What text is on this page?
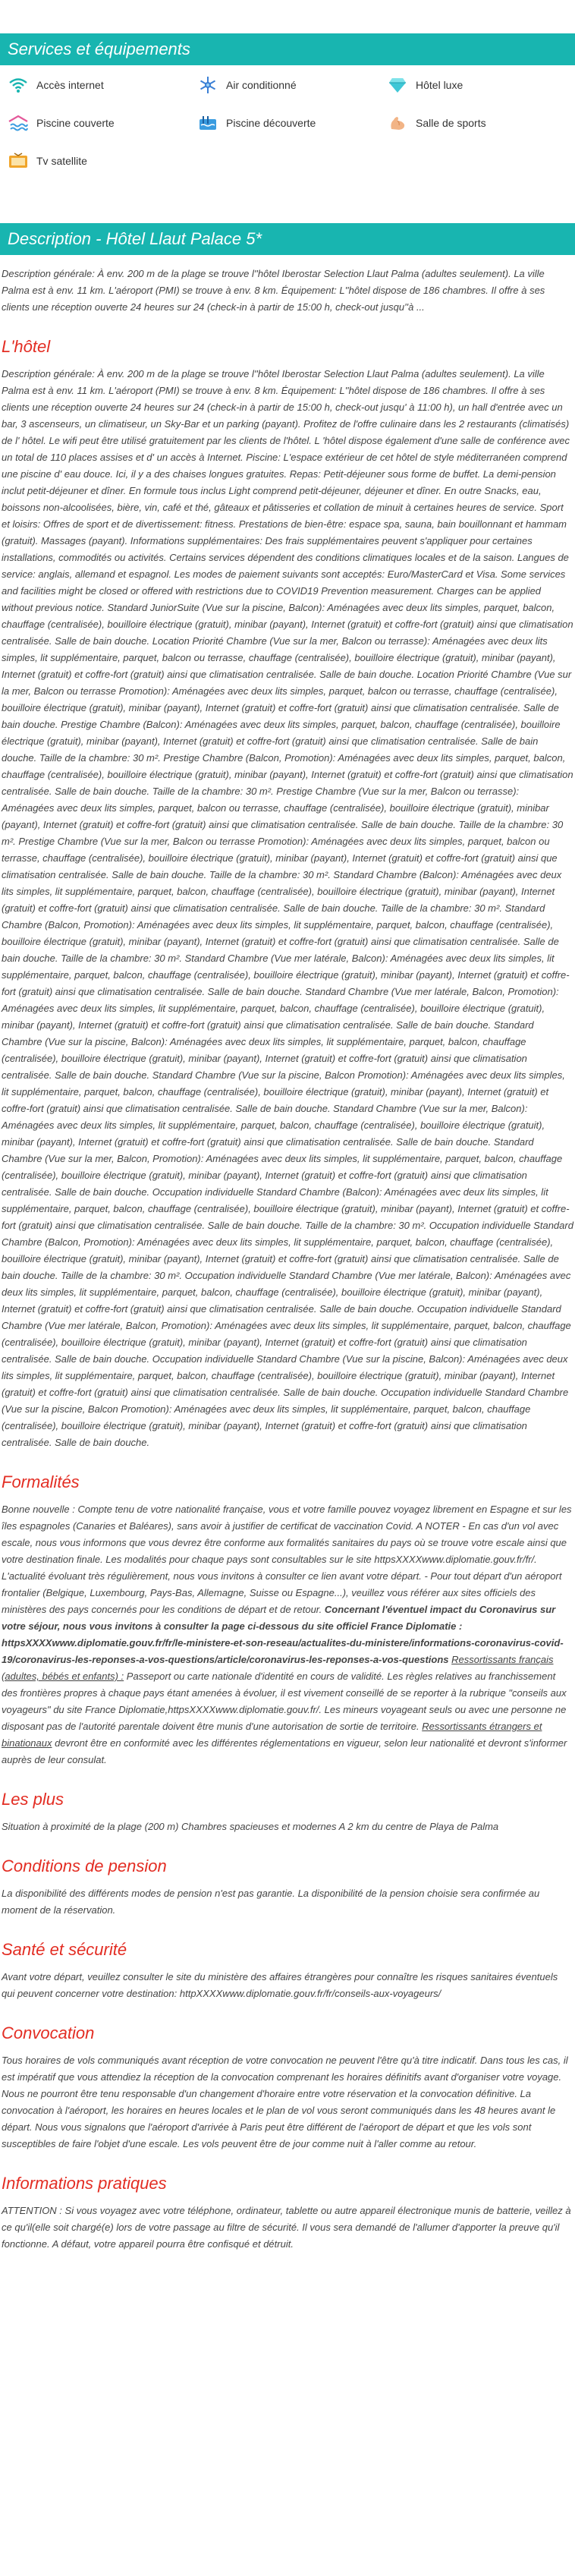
Services et équipements
Accès internet	Air conditionné	Hôtel luxe
Piscine couverte	Piscine découverte	Salle de sports
Tv satellite
Description - Hôtel Llaut Palace 5*

Description générale: À env. 200 m de la plage se trouve l''hôtel Iberostar Selection Llaut Palma (adultes seulement). La ville Palma est à env. 11 km. L'aéroport (PMI) se trouve à env. 8 km. Équipement: L''hôtel dispose de 186 chambres. Il offre à ses clients une réception ouverte 24 heures sur 24 (check-in à partir de 15:00 h, check-out jusqu''à ...

L'hôtel

Description générale: À env. 200 m de la plage se trouve l''hôtel Iberostar Selection Llaut Palma (adultes seulement). La ville Palma est à env. 11 km. L'aéroport (PMI) se trouve à env. 8 km. Équipement: L''hôtel dispose de 186 chambres. Il offre à ses clients une réception ouverte 24 heures sur 24 (check-in à partir de 15:00 h, check-out jusqu' à 11:00 h), un hall d'entrée avec un bar, 3 ascenseurs, un climatiseur, un Sky-Bar et un parking (payant). Profitez de l'offre culinaire dans les 2 restaurants (climatisés) de l' hôtel. Le wifi peut être utilisé gratuitement par les clients de l'hôtel. L 'hôtel dispose également d'une salle de conférence avec un total de 110 places assises et d' un accès à Internet. Piscine: L'espace extérieur de cet hôtel de style méditerranéen comprend une piscine d' eau douce. Ici, il y a des chaises longues gratuites. Repas: Petit-déjeuner sous forme de buffet. La demi-pension inclut petit-déjeuner et dîner. En formule tous inclus Light comprend petit-déjeuner, déjeuner et dîner. En outre Snacks, eau, boissons non-alcoolisées, bière, vin, café et thé, gâteaux et pâtisseries et collation de minuit à certaines heures de service. Sport et loisirs: Offres de sport et de divertissement: fitness. Prestations de bien-être: espace spa, sauna, bain bouillonnant et hammam (gratuit). Massages (payant). Informations supplémentaires: Des frais supplémentaires peuvent s'appliquer pour certaines installations, commodités ou activités. Certains services dépendent des conditions climatiques locales et de la saison. Langues de service: anglais, allemand et espagnol. Les modes de paiement suivants sont acceptés: Euro/MasterCard et Visa. Some services and facilities might be closed or offered with restrictions due to COVID19 Prevention measurement. Charges can be applied without previous notice. Standard JuniorSuite (Vue sur la piscine, Balcon): Aménagées avec deux lits simples, parquet, balcon, chauffage (centralisée), bouilloire électrique (gratuit), minibar (payant), Internet (gratuit) et coffre-fort (gratuit) ainsi que climatisation centralisée. Salle de bain douche. Location Priorité Chambre (Vue sur la mer, Balcon ou terrasse): Aménagées avec deux lits simples, lit supplémentaire, parquet, balcon ou terrasse, chauffage (centralisée), bouilloire électrique (gratuit), minibar (payant), Internet (gratuit) et coffre-fort (gratuit) ainsi que climatisation centralisée. Salle de bain douche. Location Priorité Chambre (Vue sur la mer, Balcon ou terrasse Promotion): Aménagées avec deux lits simples, parquet, balcon ou terrasse, chauffage (centralisée), bouilloire électrique (gratuit), minibar (payant), Internet (gratuit) et coffre-fort (gratuit) ainsi que climatisation centralisée. Salle de bain douche. Prestige Chambre (Balcon): Aménagées avec deux lits simples, parquet, balcon, chauffage (centralisée), bouilloire électrique (gratuit), minibar (payant), Internet (gratuit) et coffre-fort (gratuit) ainsi que climatisation centralisée. Salle de bain douche. Taille de la chambre: 30 m². Prestige Chambre (Balcon, Promotion): Aménagées avec deux lits simples, parquet, balcon, chauffage (centralisée), bouilloire électrique (gratuit), minibar (payant), Internet (gratuit) et coffre-fort (gratuit) ainsi que climatisation centralisée. Salle de bain douche. Taille de la chambre: 30 m². Prestige Chambre (Vue sur la mer, Balcon ou terrasse): Aménagées avec deux lits simples, parquet, balcon ou terrasse, chauffage (centralisée), bouilloire électrique (gratuit), minibar (payant), Internet (gratuit) et coffre-fort (gratuit) ainsi que climatisation centralisée. Salle de bain douche. Taille de la chambre: 30 m². Prestige Chambre (Vue sur la mer, Balcon ou terrasse Promotion): Aménagées avec deux lits simples, parquet, balcon ou terrasse, chauffage (centralisée), bouilloire électrique (gratuit), minibar (payant), Internet (gratuit) et coffre-fort (gratuit) ainsi que climatisation centralisée. Salle de bain douche. Taille de la chambre: 30 m². Standard Chambre (Balcon): Aménagées avec deux lits simples, lit supplémentaire, parquet, balcon, chauffage (centralisée), bouilloire électrique (gratuit), minibar (payant), Internet (gratuit) et coffre-fort (gratuit) ainsi que climatisation centralisée. Salle de bain douche. Taille de la chambre: 30 m². Standard Chambre (Balcon, Promotion): Aménagées avec deux lits simples, lit supplémentaire, parquet, balcon, chauffage (centralisée), bouilloire électrique (gratuit), minibar (payant), Internet (gratuit) et coffre-fort (gratuit) ainsi que climatisation centralisée. Salle de bain douche. Taille de la chambre: 30 m². Standard Chambre (Vue mer latérale, Balcon): Aménagées avec deux lits simples, lit supplémentaire, parquet, balcon, chauffage (centralisée), bouilloire électrique (gratuit), minibar (payant), Internet (gratuit) et coffre-fort (gratuit) ainsi que climatisation centralisée. Salle de bain douche. Standard Chambre (Vue mer latérale, Balcon, Promotion): Aménagées avec deux lits simples, lit supplémentaire, parquet, balcon, chauffage (centralisée), bouilloire électrique (gratuit), minibar (payant), Internet (gratuit) et coffre-fort (gratuit) ainsi que climatisation centralisée. Salle de bain douche. Standard Chambre (Vue sur la piscine, Balcon): Aménagées avec deux lits simples, lit supplémentaire, parquet, balcon, chauffage (centralisée), bouilloire électrique (gratuit), minibar (payant), Internet (gratuit) et coffre-fort (gratuit) ainsi que climatisation centralisée. Salle de bain douche. Standard Chambre (Vue sur la piscine, Balcon Promotion): Aménagées avec deux lits simples, lit supplémentaire, parquet, balcon, chauffage (centralisée), bouilloire électrique (gratuit), minibar (payant), Internet (gratuit) et coffre-fort (gratuit) ainsi que climatisation centralisée. Salle de bain douche. Standard Chambre (Vue sur la mer, Balcon): Aménagées avec deux lits simples, lit supplémentaire, parquet, balcon, chauffage (centralisée), bouilloire électrique (gratuit), minibar (payant), Internet (gratuit) et coffre-fort (gratuit) ainsi que climatisation centralisée. Salle de bain douche. Standard Chambre (Vue sur la mer, Balcon, Promotion): Aménagées avec deux lits simples, lit supplémentaire, parquet, balcon, chauffage (centralisée), bouilloire électrique (gratuit), minibar (payant), Internet (gratuit) et coffre-fort (gratuit) ainsi que climatisation centralisée. Salle de bain douche. Occupation individuelle Standard Chambre (Balcon): Aménagées avec deux lits simples, lit supplémentaire, parquet, balcon, chauffage (centralisée), bouilloire électrique (gratuit), minibar (payant), Internet (gratuit) et coffre-fort (gratuit) ainsi que climatisation centralisée. Salle de bain douche. Taille de la chambre: 30 m². Occupation individuelle Standard Chambre (Balcon, Promotion): Aménagées avec deux lits simples, lit supplémentaire, parquet, balcon, chauffage (centralisée), bouilloire électrique (gratuit), minibar (payant), Internet (gratuit) et coffre-fort (gratuit) ainsi que climatisation centralisée. Salle de bain douche. Taille de la chambre: 30 m². Occupation individuelle Standard Chambre (Vue mer latérale, Balcon): Aménagées avec deux lits simples, lit supplémentaire, parquet, balcon, chauffage (centralisée), bouilloire électrique (gratuit), minibar (payant), Internet (gratuit) et coffre-fort (gratuit) ainsi que climatisation centralisée. Salle de bain douche. Occupation individuelle Standard Chambre (Vue mer latérale, Balcon, Promotion): Aménagées avec deux lits simples, lit supplémentaire, parquet, balcon, chauffage (centralisée), bouilloire électrique (gratuit), minibar (payant), Internet (gratuit) et coffre-fort (gratuit) ainsi que climatisation centralisée. Salle de bain douche. Occupation individuelle Standard Chambre (Vue sur la piscine, Balcon): Aménagées avec deux lits simples, lit supplémentaire, parquet, balcon, chauffage (centralisée), bouilloire électrique (gratuit), minibar (payant), Internet (gratuit) et coffre-fort (gratuit) ainsi que climatisation centralisée. Salle de bain douche. Occupation individuelle Standard Chambre (Vue sur la piscine, Balcon Promotion): Aménagées avec deux lits simples, lit supplémentaire, parquet, balcon, chauffage (centralisée), bouilloire électrique (gratuit), minibar (payant), Internet (gratuit) et coffre-fort (gratuit) ainsi que climatisation centralisée. Salle de bain douche.

Formalités

Bonne nouvelle : Compte tenu de votre nationalité française, vous et votre famille pouvez voyagez librement en Espagne et sur les îles espagnoles (Canaries et Baléares), sans avoir à justifier de certificat de vaccination Covid. A NOTER - En cas d'un vol avec escale, nous vous informons que vous devrez être conforme aux formalités sanitaires du pays où se trouve votre escale ainsi que votre destination finale. Les modalités pour chaque pays sont consultables sur le site httpsXXXXwww.diplomatie.gouv.fr/fr/. L'actualité évoluant très régulièrement, nous vous invitons à consulter ce lien avant votre départ. - Pour tout départ d'un aéroport frontalier (Belgique, Luxembourg, Pays-Bas, Allemagne, Suisse ou Espagne...), veuillez vous référer aux sites officiels des ministères des pays concernés pour les conditions de départ et de retour. Concernant l'éventuel impact du Coronavirus sur votre séjour, nous vous invitons à consulter la page ci-dessous du site officiel France Diplomatie : httpsXXXXwww.diplomatie.gouv.fr/fr/le-ministere-et-son-reseau/actualites-du-ministere/informations-coronavirus-covid-19/coronavirus-les-reponses-a-vos-questions/article/coronavirus-les-reponses-a-vos-questions Ressortissants français (adultes, bébés et enfants) : Passeport ou carte nationale d'identité en cours de validité. Les règles relatives au franchissement des frontières propres à chaque pays étant amenées à évoluer, il est vivement conseillé de se reporter à la rubrique "conseils aux voyageurs" du site France Diplomatie,httpsXXXXwww.diplomatie.gouv.fr/. Les mineurs voyageant seuls ou avec une personne ne disposant pas de l'autorité parentale doivent être munis d'une autorisation de sortie de territoire. Ressortissants étrangers et binationaux devront être en conformité avec les différentes réglementations en vigueur, selon leur nationalité et devront s'informer auprès de leur consulat.

Les plus

Situation à proximité de la plage (200 m) Chambres spacieuses et modernes A 2 km du centre de Playa de Palma

Conditions de pension

La disponibilité des différents modes de pension n'est pas garantie. La disponibilité de la pension choisie sera confirmée au moment de la réservation.

Santé et sécurité

Avant votre départ, veuillez consulter le site du ministère des affaires étrangères pour connaître les risques sanitaires éventuels qui peuvent concerner votre destination: httpXXXXwww.diplomatie.gouv.fr/fr/conseils-aux-voyageurs/

Convocation

Tous horaires de vols communiqués avant réception de votre convocation ne peuvent l'être qu'à titre indicatif. Dans tous les cas, il est impératif que vous attendiez la réception de la convocation comprenant les horaires définitifs avant d'organiser votre voyage. Nous ne pourront être tenu responsable d'un changement d'horaire entre votre réservation et la convocation définitive. La convocation à l'aéroport, les horaires en heures locales et le plan de vol vous seront communiqués dans les 48 heures avant le départ. Nous vous signalons que l'aéroport d'arrivée à Paris peut être différent de l'aéroport de départ et que les vols sont susceptibles de faire l'objet d'une escale. Les vols peuvent être de jour comme nuit à l'aller comme au retour.

Informations pratiques

ATTENTION : Si vous voyagez avec votre téléphone, ordinateur, tablette ou autre appareil électronique munis de batterie, veillez à ce qu'il(elle soit chargé(e) lors de votre passage au filtre de sécurité. Il vous sera demandé de l'allumer d'apporter la preuve qu'il fonctionne. A défaut, votre appareil pourra être confisqué et détruit.
